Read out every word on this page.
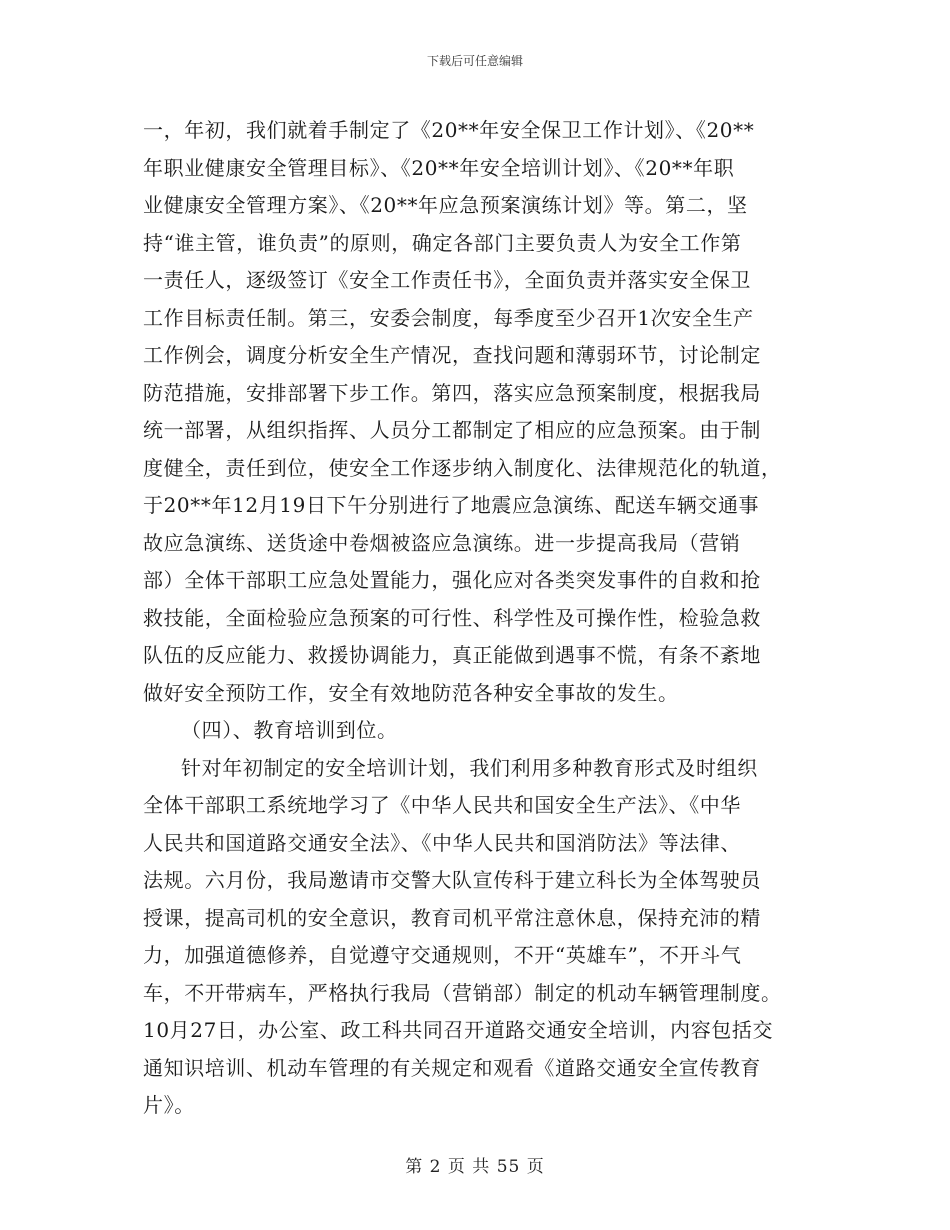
下载后可任意编辑
一，年初，我们就着手制定了《20**年安全保卫工作计划》、《20**
年职业健康安全管理目标》、《20**年安全培训计划》、《20**年职
业健康安全管理方案》、《20**年应急预案演练计划》等。第二，坚
持“谁主管，谁负责”的原则，确定各部门主要负责人为安全工作第
一责任人，逐级签订《安全工作责任书》，全面负责并落实安全保卫
工作目标责任制。第三，安委会制度，每季度至少召开1次安全生产
工作例会，调度分析安全生产情况，查找问题和薄弱环节，讨论制定
防范措施，安排部署下步工作。第四，落实应急预案制度，根据我局
统一部署，从组织指挥、人员分工都制定了相应的应急预案。由于制
度健全，责任到位，使安全工作逐步纳入制度化、法律规范化的轨道，
于20**年12月19日下午分别进行了地震应急演练、配送车辆交通事
故应急演练、送货途中卷烟被盗应急演练。进一步提高我局（营销
部）全体干部职工应急处置能力，强化应对各类突发事件的自救和抢
救技能，全面检验应急预案的可行性、科学性及可操作性，检验急救
队伍的反应能力、救援协调能力，真正能做到遇事不慌，有条不紊地
做好安全预防工作，安全有效地防范各种安全事故的发生。
（四）、教育培训到位。
针对年初制定的安全培训计划，我们利用多种教育形式及时组织
全体干部职工系统地学习了《中华人民共和国安全生产法》、《中华
人民共和国道路交通安全法》、《中华人民共和国消防法》等法律、
法规。六月份，我局邀请市交警大队宣传科于建立科长为全体驾驶员
授课，提高司机的安全意识，教育司机平常注意休息，保持充沛的精
力，加强道德修养，自觉遵守交通规则，不开“英雄车”，不开斗气
车，不开带病车，严格执行我局（营销部）制定的机动车辆管理制度。
10月27日，办公室、政工科共同召开道路交通安全培训，内容包括交
通知识培训、机动车管理的有关规定和观看《道路交通安全宣传教育
片》。
第 2 页 共 55 页
